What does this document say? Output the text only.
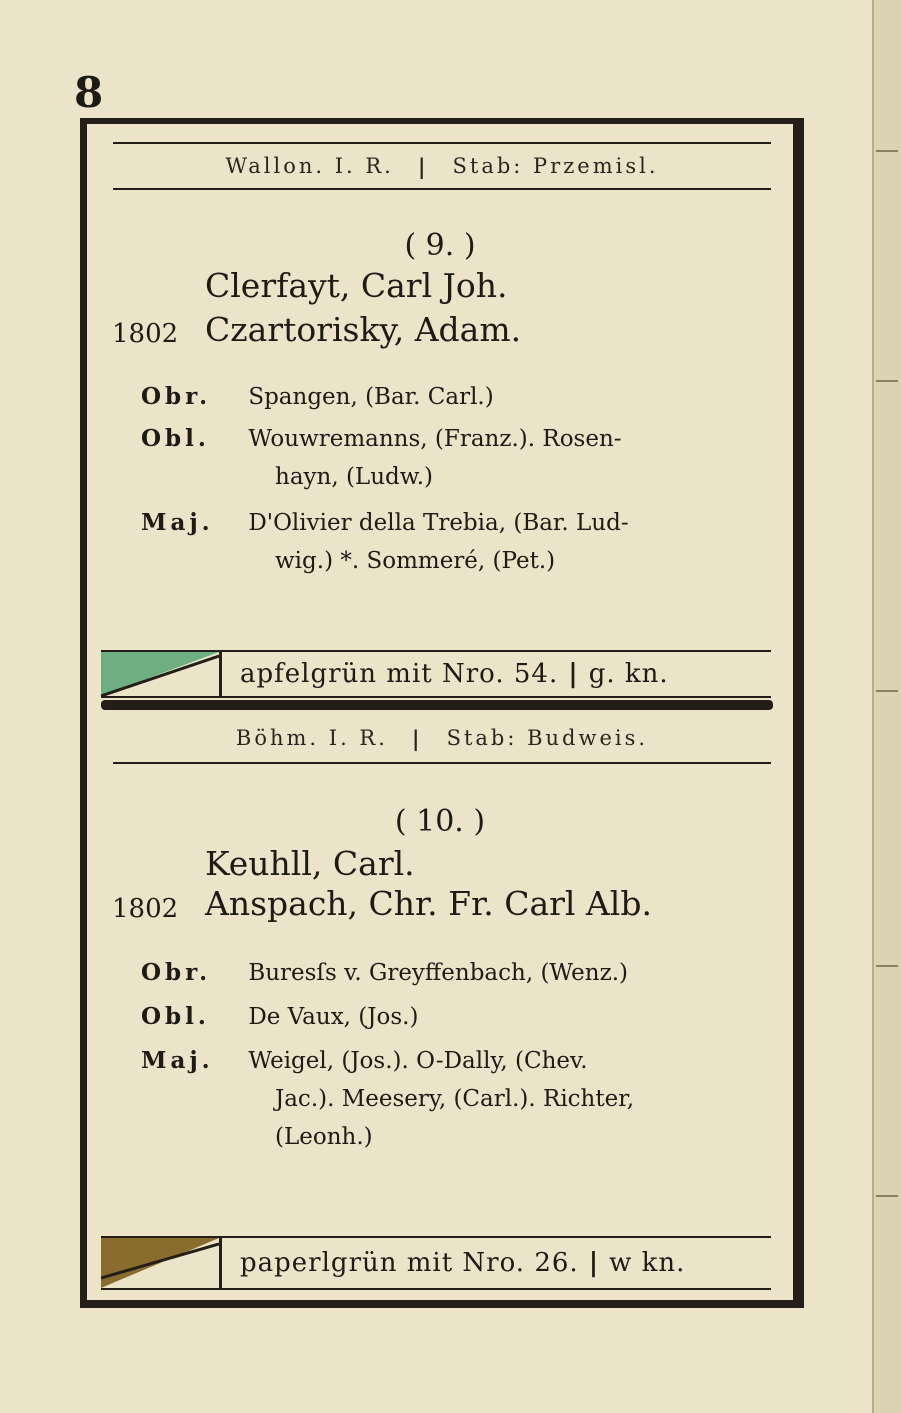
8
Wallon. I. R. | Stab: Przemisl.
( 9. )
Clerfayt, Carl Joh.
1802 Czartorisky, Adam.
Obr. Spangen, (Bar. Carl.)
Obl. Wouwremanns, (Franz.). Rosen-
hayn, (Ludw.)
Maj. D'Olivier della Trebia, (Bar. Lud-
wig.) *. Sommeré, (Pet.)
apfelgrün mit Nro. 54. | g. kn.
Böhm. I. R. | Stab: Budweis.
( 10. )
Keuhll, Carl.
1802 Anspach, Chr. Fr. Carl Alb.
Obr. Buresſs v. Greyffenbach, (Wenz.)
Obl. De Vaux, (Jos.)
Maj. Weigel, (Jos.). O-Dally, (Chev.
Jac.). Meesery, (Carl.). Richter,
(Leonh.)
paperlgrün mit Nro. 26. | w kn.
